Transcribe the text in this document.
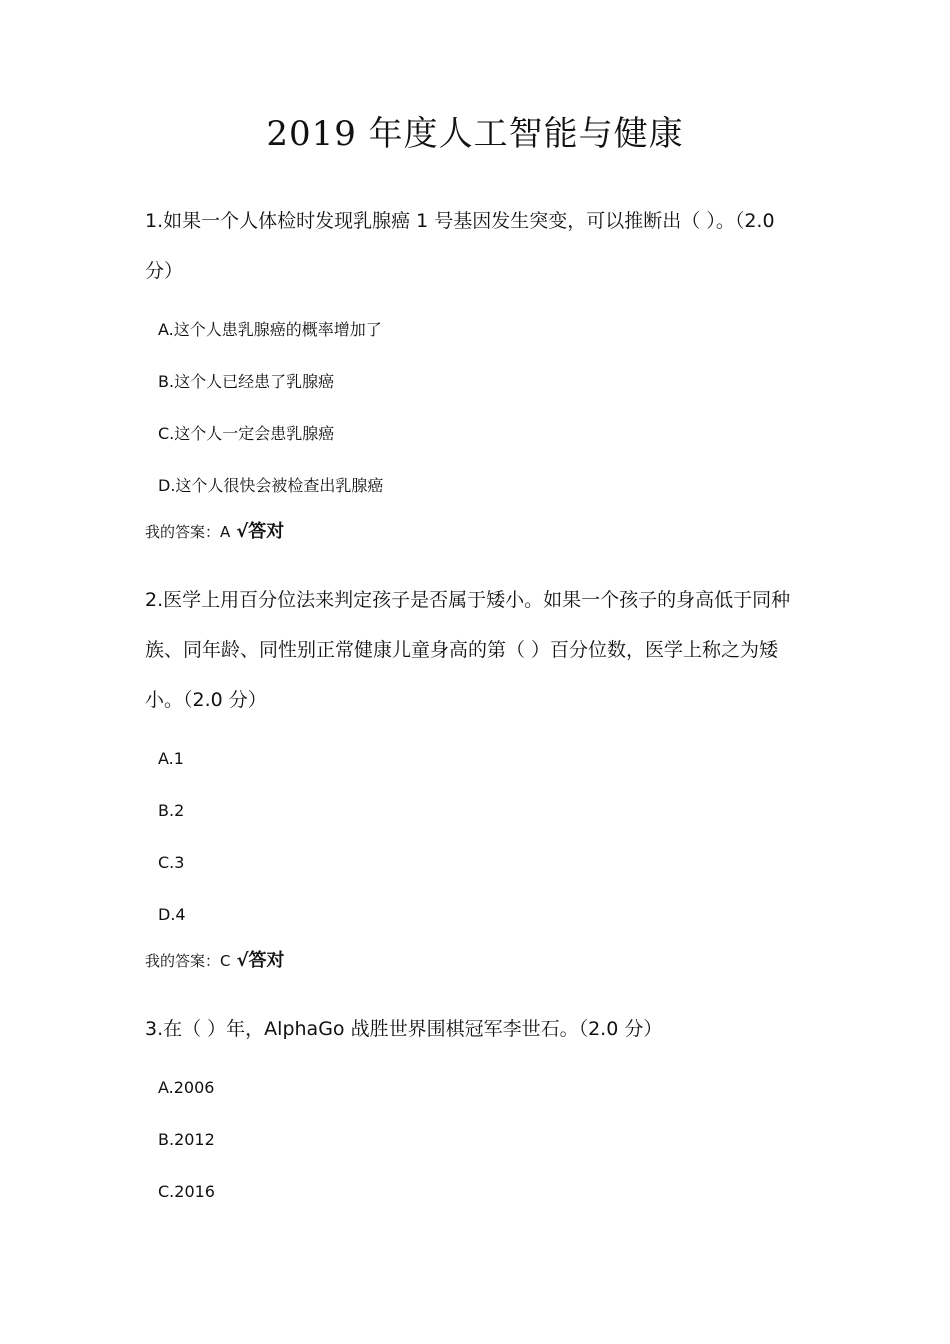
2019 年度人工智能与健康

1.如果一个人体检时发现乳腺癌 1 号基因发生突变，可以推断出（ ）。（2.0 分）

A.这个人患乳腺癌的概率增加了
B.这个人已经患了乳腺癌
C.这个人一定会患乳腺癌
D.这个人很快会被检查出乳腺癌
我的答案：A √答对

2.医学上用百分位法来判定孩子是否属于矮小。如果一个孩子的身高低于同种族、同年龄、同性别正常健康儿童身高的第（ ）百分位数，医学上称之为矮小。（2.0 分）

A.1
B.2
C.3
D.4
我的答案：C √答对

3.在（ ）年，AlphaGo 战胜世界围棋冠军李世石。（2.0 分）

A.2006
B.2012
C.2016
